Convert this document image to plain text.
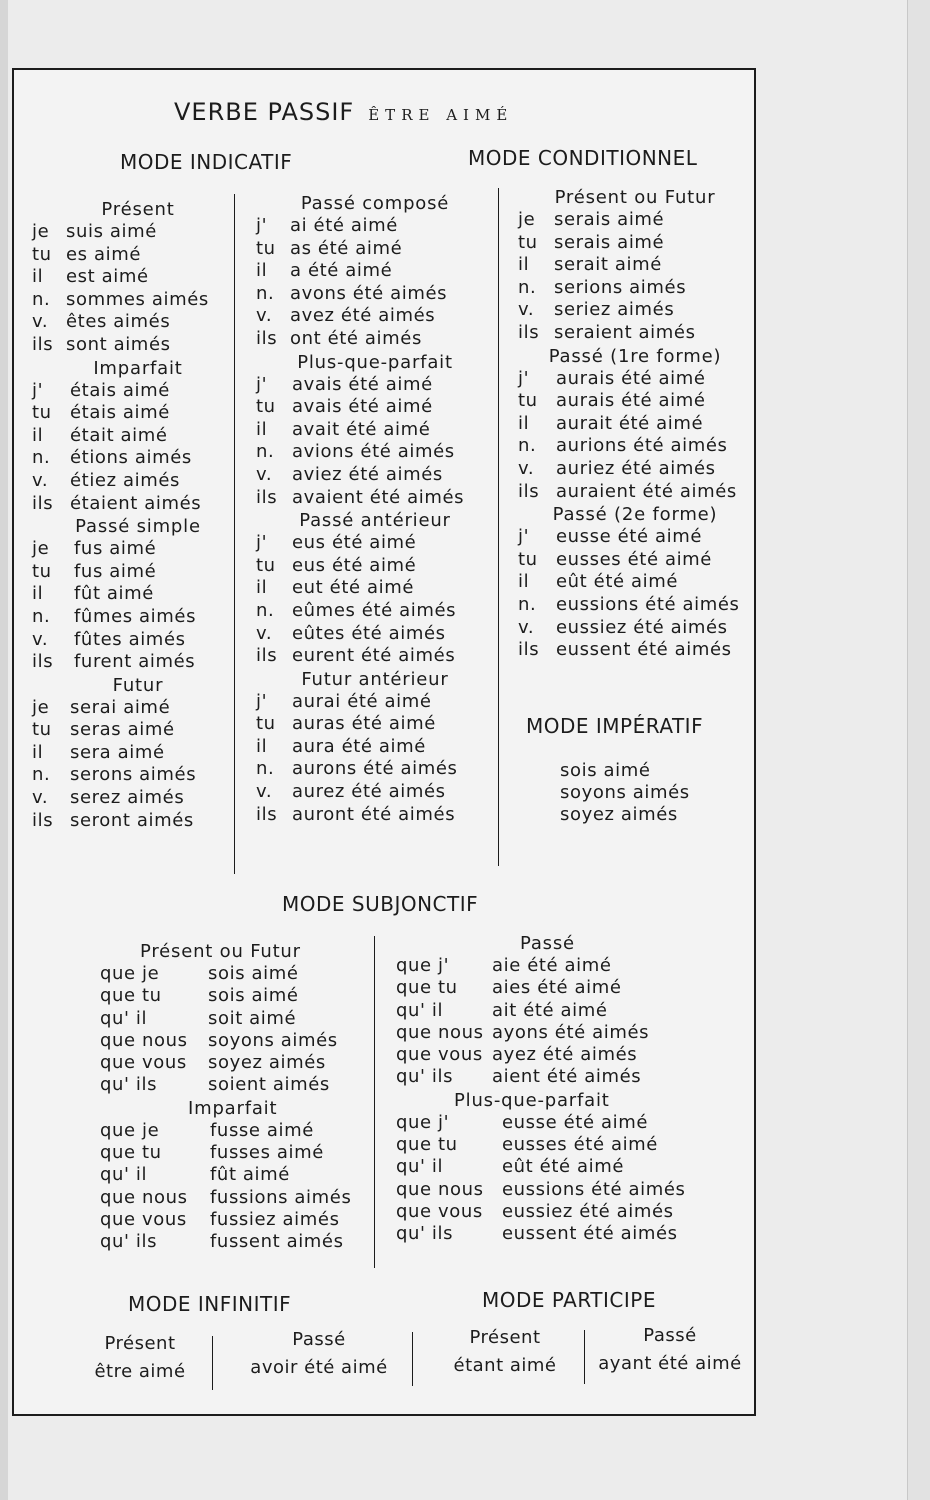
VERBE PASSIF ÊTRE AIMÉ
MODE INDICATIF	MODE CONDITIONNEL
Présent
je suis aimé
tu es aimé
il est aimé
n. sommes aimés
v. êtes aimés
ils sont aimés
Imparfait
j' étais aimé
tu étais aimé
il était aimé
n. étions aimés
v. étiez aimés
ils étaient aimés
Passé simple
je fus aimé
tu fus aimé
il fût aimé
n. fûmes aimés
v. fûtes aimés
ils furent aimés
Futur
je serai aimé
tu seras aimé
il sera aimé
n. serons aimés
v. serez aimés
ils seront aimés
Passé composé
j' ai été aimé
tu as été aimé
il a été aimé
n. avons été aimés
v. avez été aimés
ils ont été aimés
Plus-que-parfait
j' avais été aimé
tu avais été aimé
il avait été aimé
n. avions été aimés
v. aviez été aimés
ils avaient été aimés
Passé antérieur
j' eus été aimé
tu eus été aimé
il eut été aimé
n. eûmes été aimés
v. eûtes été aimés
ils eurent été aimés
Futur antérieur
j' aurai été aimé
tu auras été aimé
il aura été aimé
n. aurons été aimés
v. aurez été aimés
ils auront été aimés
Présent ou Futur
je serais aimé
tu serais aimé
il serait aimé
n. serions aimés
v. seriez aimés
ils seraient aimés
Passé (1re forme)
j' aurais été aimé
tu aurais été aimé
il aurait été aimé
n. aurions été aimés
v. auriez été aimés
ils auraient été aimés
Passé (2e forme)
j' eusse été aimé
tu eusses été aimé
il eût été aimé
n. eussions été aimés
v. eussiez été aimés
ils eussent été aimés
MODE IMPÉRATIF
sois aimé
soyons aimés
soyez aimés
MODE SUBJONCTIF
Présent ou Futur
que je	sois aimé
que tu	sois aimé
qu' il	soit aimé
que nous soyons aimés
que vous soyez aimés
qu' ils	soient aimés
Imparfait
que je	fusse aimé
que tu	fusses aimé
qu' il	fût aimé
que nous fussions aimés
que vous fussiez aimés
qu' ils	fussent aimés
Passé
que j' aie été aimé
que tu aies été aimé
qu' il	ait été aimé
que nous ayons été aimés
que vous ayez été aimés
qu' ils aient été aimés
Plus-que-parfait
que j'	eusse été aimé
que tu eusses été aimé
qu' il	eût été aimé
que nous eussions été aimés
que vous eussiez été aimés
qu' ils	eussent été aimés
MODE INFINITIF	MODE PARTICIPE
Présent
être aimé
Passé
avoir été aimé
Présent
étant aimé
Passé
ayant été aimé
